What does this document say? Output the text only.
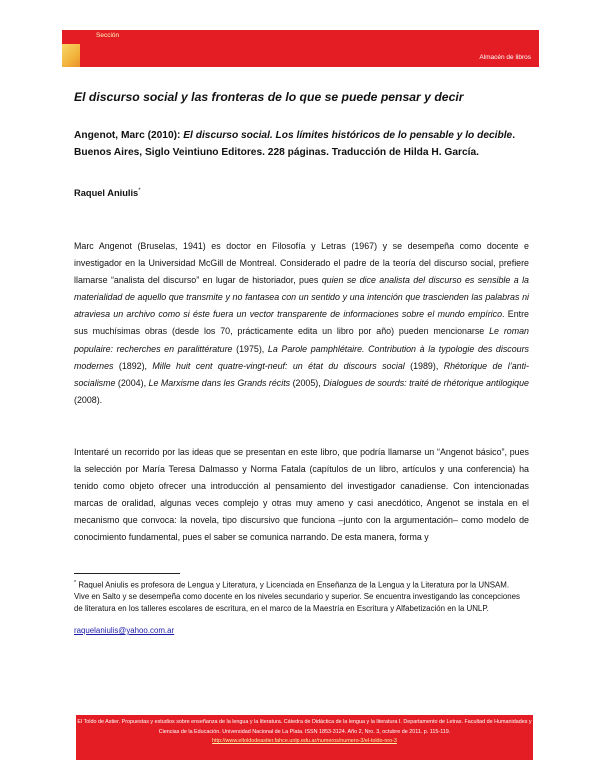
Sección
Almacén de libros
El discurso social y las fronteras de lo que se puede pensar y decir
Angenot, Marc (2010): El discurso social. Los límites históricos de lo pensable y lo decible. Buenos Aires, Siglo Veintiuno Editores. 228 páginas. Traducción de Hilda H. García.
Raquel Aniulis*
Marc Angenot (Bruselas, 1941) es doctor en Filosofía y Letras (1967) y se desempeña como docente e investigador en la Universidad McGill de Montreal. Considerado el padre de la teoría del discurso social, prefiere llamarse “analista del discurso” en lugar de historiador, pues quien se dice analista del discurso es sensible a la materialidad de aquello que transmite y no fantasea con un sentido y una intención que trascienden las palabras ni atraviesa un archivo como si éste fuera un vector transparente de informaciones sobre el mundo empírico. Entre sus muchísimas obras (desde los 70, prácticamente edita un libro por año) pueden mencionarse Le roman populaire: recherches en paralittérature (1975), La Parole pamphlétaire. Contribution à la typologie des discours modernes (1892), Mille huit cent quatre-vingt-neuf: un état du discours social (1989), Rhétorique de l’anti-socialisme (2004), Le Marxisme dans les Grands récits (2005), Dialogues de sourds: traité de rhétorique antilogique (2008).
Intentaré un recorrido por las ideas que se presentan en este libro, que podría llamarse un “Angenot básico”, pues la selección por María Teresa Dalmasso y Norma Fatala (capítulos de un libro, artículos y una conferencia) ha tenido como objeto ofrecer una introducción al pensamiento del investigador canadiense. Con intencionadas marcas de oralidad, algunas veces complejo y otras muy ameno y casi anecdótico, Angenot se instala en el mecanismo que convoca: la novela, tipo discursivo que funciona –junto con la argumentación– como modelo de conocimiento fundamental, pues el saber se comunica narrando. De esta manera, forma y
* Raquel Aniulis es profesora de Lengua y Literatura, y Licenciada en Enseñanza de la Lengua y la Literatura por la UNSAM. Vive en Salto y se desempeña como docente en los niveles secundario y superior. Se encuentra investigando las concepciones de literatura en los talleres escolares de escritura, en el marco de la Maestría en Escritura y Alfabetización en la UNLP.
raquelaniulis@yahoo.com.ar
El Toldo de Astier. Propuestas y estudios sobre enseñanza de la lengua y la literatura. Cátedra de Didáctica de la lengua y la literatura I. Departamento de Letras. Facultad de Humanidades y Ciencias de la Educación. Universidad Nacional de La Plata. ISSN 1853-3124. Año 2, Nro. 3, octubre de 2011. p. 115-119.
http://www.eltoldodeastier.fahce.unlp.edu.ar/numeros/numero-3/el-toldo-nro-3
